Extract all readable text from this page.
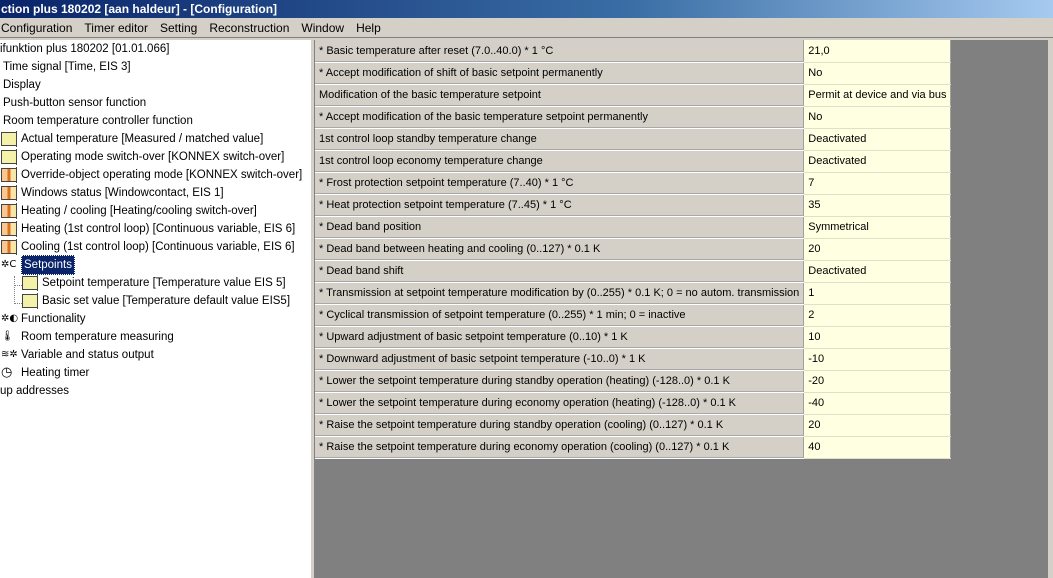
ction plus 180202 [aan haldeur] - [Configuration]
Configuration Timer editor Setting Reconstruction Window Help
ifunktion plus 180202 [01.01.066]
Time signal [Time, EIS 3]
Display
Push-button sensor function
Room temperature controller function
Actual temperature [Measured / matched value]
Operating mode switch-over [KONNEX switch-over]
Override-object operating mode [KONNEX switch-over]
Windows status [Windowcontact, EIS 1]
Heating / cooling [Heating/cooling switch-over]
Heating (1st control loop) [Continuous variable, EIS 6]
Cooling (1st control loop) [Continuous variable, EIS 6]
✲C Setpoints
Setpoint temperature [Temperature value EIS 5]
Basic set value [Temperature default value EIS5]
✲◐ Functionality
🌡 Room temperature measuring
≋✲ Variable and status output
◷ Heating timer
up addresses
* Basic temperature after reset (7.0..40.0) * 1 °C	21,0
* Accept modification of shift of basic setpoint permanently	No
Modification of the basic temperature setpoint	Permit at device and via bus
* Accept modification of the basic temperature setpoint permanently	No
1st control loop standby temperature change	Deactivated
1st control loop economy temperature change	Deactivated
* Frost protection setpoint temperature (7..40) * 1 °C	7
* Heat protection setpoint temperature (7..45) * 1 °C	35
* Dead band position	Symmetrical
* Dead band between heating and cooling (0..127) * 0.1 K	20
* Dead band shift	Deactivated
* Transmission at setpoint temperature modification by (0..255) * 0.1 K; 0 = no autom. transmission	1
* Cyclical transmission of setpoint temperature (0..255) * 1 min; 0 = inactive	2
* Upward adjustment of basic setpoint temperature (0..10) * 1 K	10
* Downward adjustment of basic setpoint temperature (-10..0) * 1 K	-10
* Lower the setpoint temperature during standby operation (heating) (-128..0) * 0.1 K	-20
* Lower the setpoint temperature during economy operation (heating) (-128..0) * 0.1 K	-40
* Raise the setpoint temperature during standby operation (cooling) (0..127) * 0.1 K	20
* Raise the setpoint temperature during economy operation (cooling) (0..127) * 0.1 K	40
